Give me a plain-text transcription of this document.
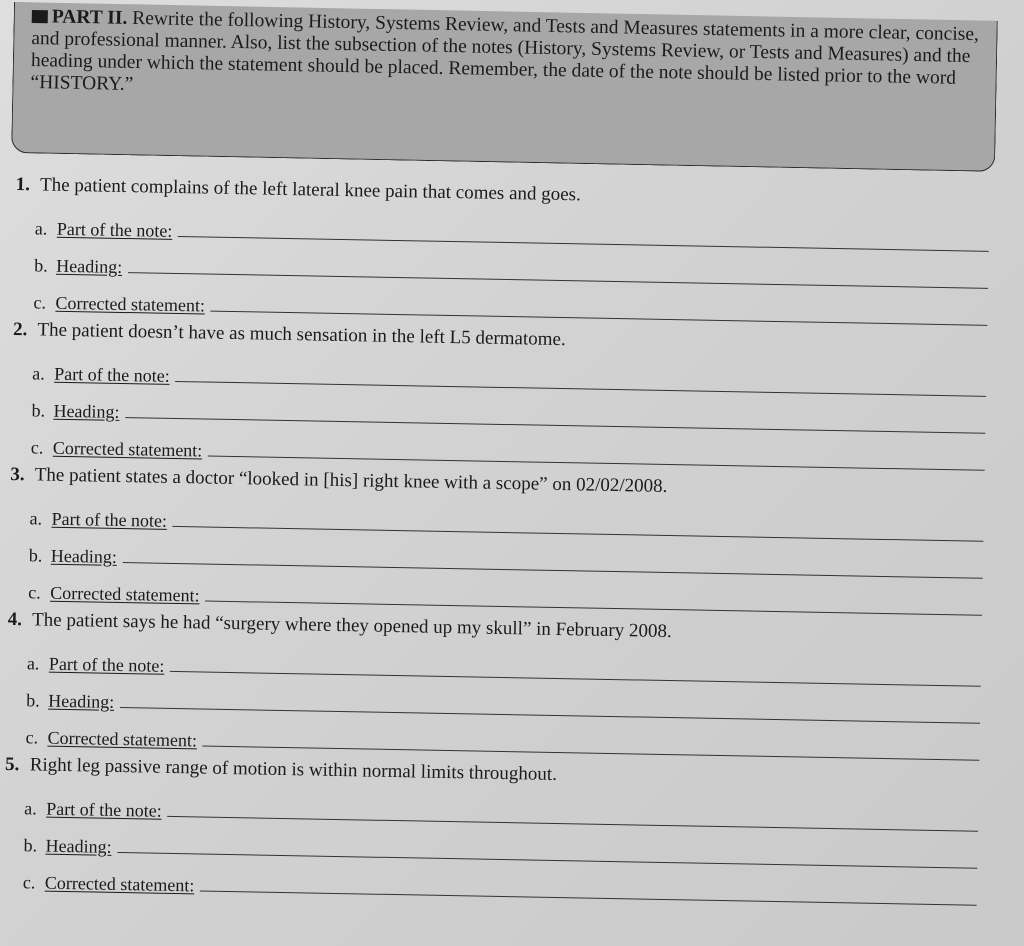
PART II. Rewrite the following History, Systems Review, and Tests and Measures statements in a more clear, concise, and professional manner. Also, list the subsection of the notes (History, Systems Review, or Tests and Measures) and the heading under which the statement should be placed. Remember, the date of the note should be listed prior to the word “HISTORY.”
1. The patient complains of the left lateral knee pain that comes and goes.
a. Part of the note:
b. Heading:
c. Corrected statement:
2. The patient doesn’t have as much sensation in the left L5 dermatome.
a. Part of the note:
b. Heading:
c. Corrected statement:
3. The patient states a doctor “looked in [his] right knee with a scope” on 02/02/2008.
a. Part of the note:
b. Heading:
c. Corrected statement:
4. The patient says he had “surgery where they opened up my skull” in February 2008.
a. Part of the note:
b. Heading:
c. Corrected statement:
5. Right leg passive range of motion is within normal limits throughout.
a. Part of the note:
b. Heading:
c. Corrected statement:
